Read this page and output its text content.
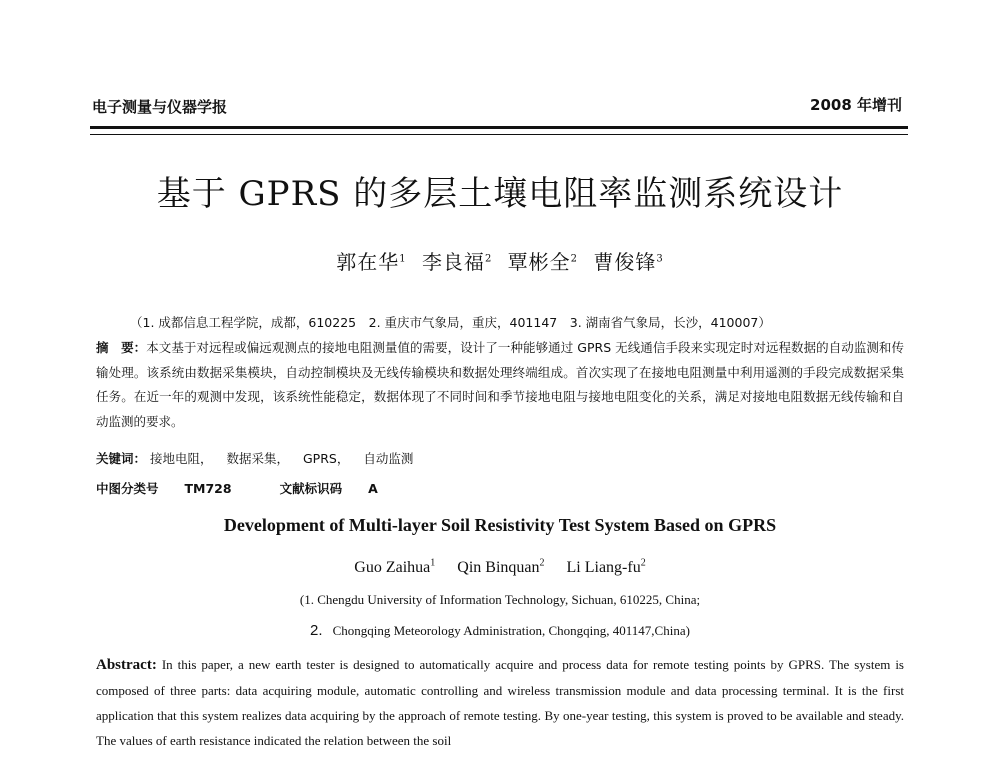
电子测量与仪器学报	2008 年增刊
基于 GPRS 的多层土壤电阻率监测系统设计
郭在华$^1$ 李良福$^2$ 覃彬全$^2$ 曹俊锋$^3$
（1. 成都信息工程学院，成都，610225　2. 重庆市气象局，重庆，401147　3. 湖南省气象局，长沙，410007）
摘　要：本文基于对远程或偏远观测点的接地电阻测量值的需要，设计了一种能够通过 GPRS 无线通信手段来实现定时对远程数据的自动监测和传输处理。该系统由数据采集模块，自动控制模块及无线传输模块和数据处理终端组成。首次实现了在接地电阻测量中利用遥测的手段完成数据采集任务。在近一年的观测中发现，该系统性能稳定，数据体现了不同时间和季节接地电阻与接地电阻变化的关系，满足对接地电阻数据无线传输和自动监测的要求。
关键词： 接地电阻， 数据采集， GPRS， 自动监测
中图分类号 TM728	文献标识码 A
Development of Multi-layer Soil Resistivity Test System Based on GPRS
Guo Zaihua$^1$ Qin Binquan$^2$ Li Liang-$fu^2$
(1. Chengdu University of Information Technology, Sichuan, 610225, China;
2. Chongqing Meteorology Administration, Chongqing, 401147,China)
Abstract: In this paper, a new earth tester is designed to automatically acquire and process data for remote testing points by GPRS. The system is composed of three parts: data acquiring module, automatic controlling and wireless transmission module and data processing terminal. It is the first application that this system realizes data acquiring by the approach of remote testing. By one-year testing, this system is proved to be available and steady. The values of earth resistance indicated the relation between the soil
